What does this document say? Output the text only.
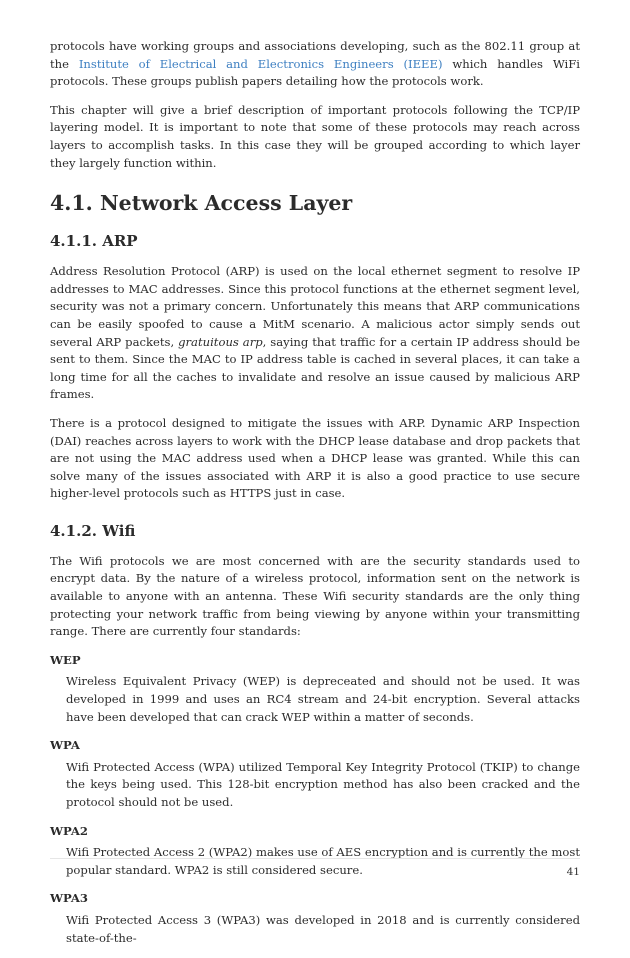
protocols have working groups and associations developing, such as the 802.11 group at the Institute of Electrical and Electronics Engineers (IEEE) which handles WiFi protocols. These groups publish papers detailing how the protocols work.

This chapter will give a brief description of important protocols following the TCP/IP layering model. It is important to note that some of these protocols may reach across layers to accomplish tasks. In this case they will be grouped according to which layer they largely function within.

4.1. Network Access Layer
4.1.1. ARP

Address Resolution Protocol (ARP) is used on the local ethernet segment to resolve IP addresses to MAC addresses. Since this protocol functions at the ethernet segment level, security was not a primary concern. Unfortunately this means that ARP communications can be easily spoofed to cause a MitM scenario. A malicious actor simply sends out several ARP packets, gratuitous arp, saying that traffic for a certain IP address should be sent to them. Since the MAC to IP address table is cached in several places, it can take a long time for all the caches to invalidate and resolve an issue caused by malicious ARP frames.

There is a protocol designed to mitigate the issues with ARP. Dynamic ARP Inspection (DAI) reaches across layers to work with the DHCP lease database and drop packets that are not using the MAC address used when a DHCP lease was granted. While this can solve many of the issues associated with ARP it is also a good practice to use secure higher-level protocols such as HTTPS just in case.

4.1.2. Wifi

The Wifi protocols we are most concerned with are the security standards used to encrypt data. By the nature of a wireless protocol, information sent on the network is available to anyone with an antenna. These Wifi security standards are the only thing protecting your network traffic from being viewing by anyone within your transmitting range. There are currently four standards:

WEP

Wireless Equivalent Privacy (WEP) is depreceated and should not be used. It was developed in 1999 and uses an RC4 stream and 24-bit encryption. Several attacks have been developed that can crack WEP within a matter of seconds.

WPA

Wifi Protected Access (WPA) utilized Temporal Key Integrity Protocol (TKIP) to change the keys being used. This 128-bit encryption method has also been cracked and the protocol should not be used.

WPA2

Wifi Protected Access 2 (WPA2) makes use of AES encryption and is currently the most popular standard. WPA2 is still considered secure.

WPA3

Wifi Protected Access 3 (WPA3) was developed in 2018 and is currently considered state-of-the-

41
